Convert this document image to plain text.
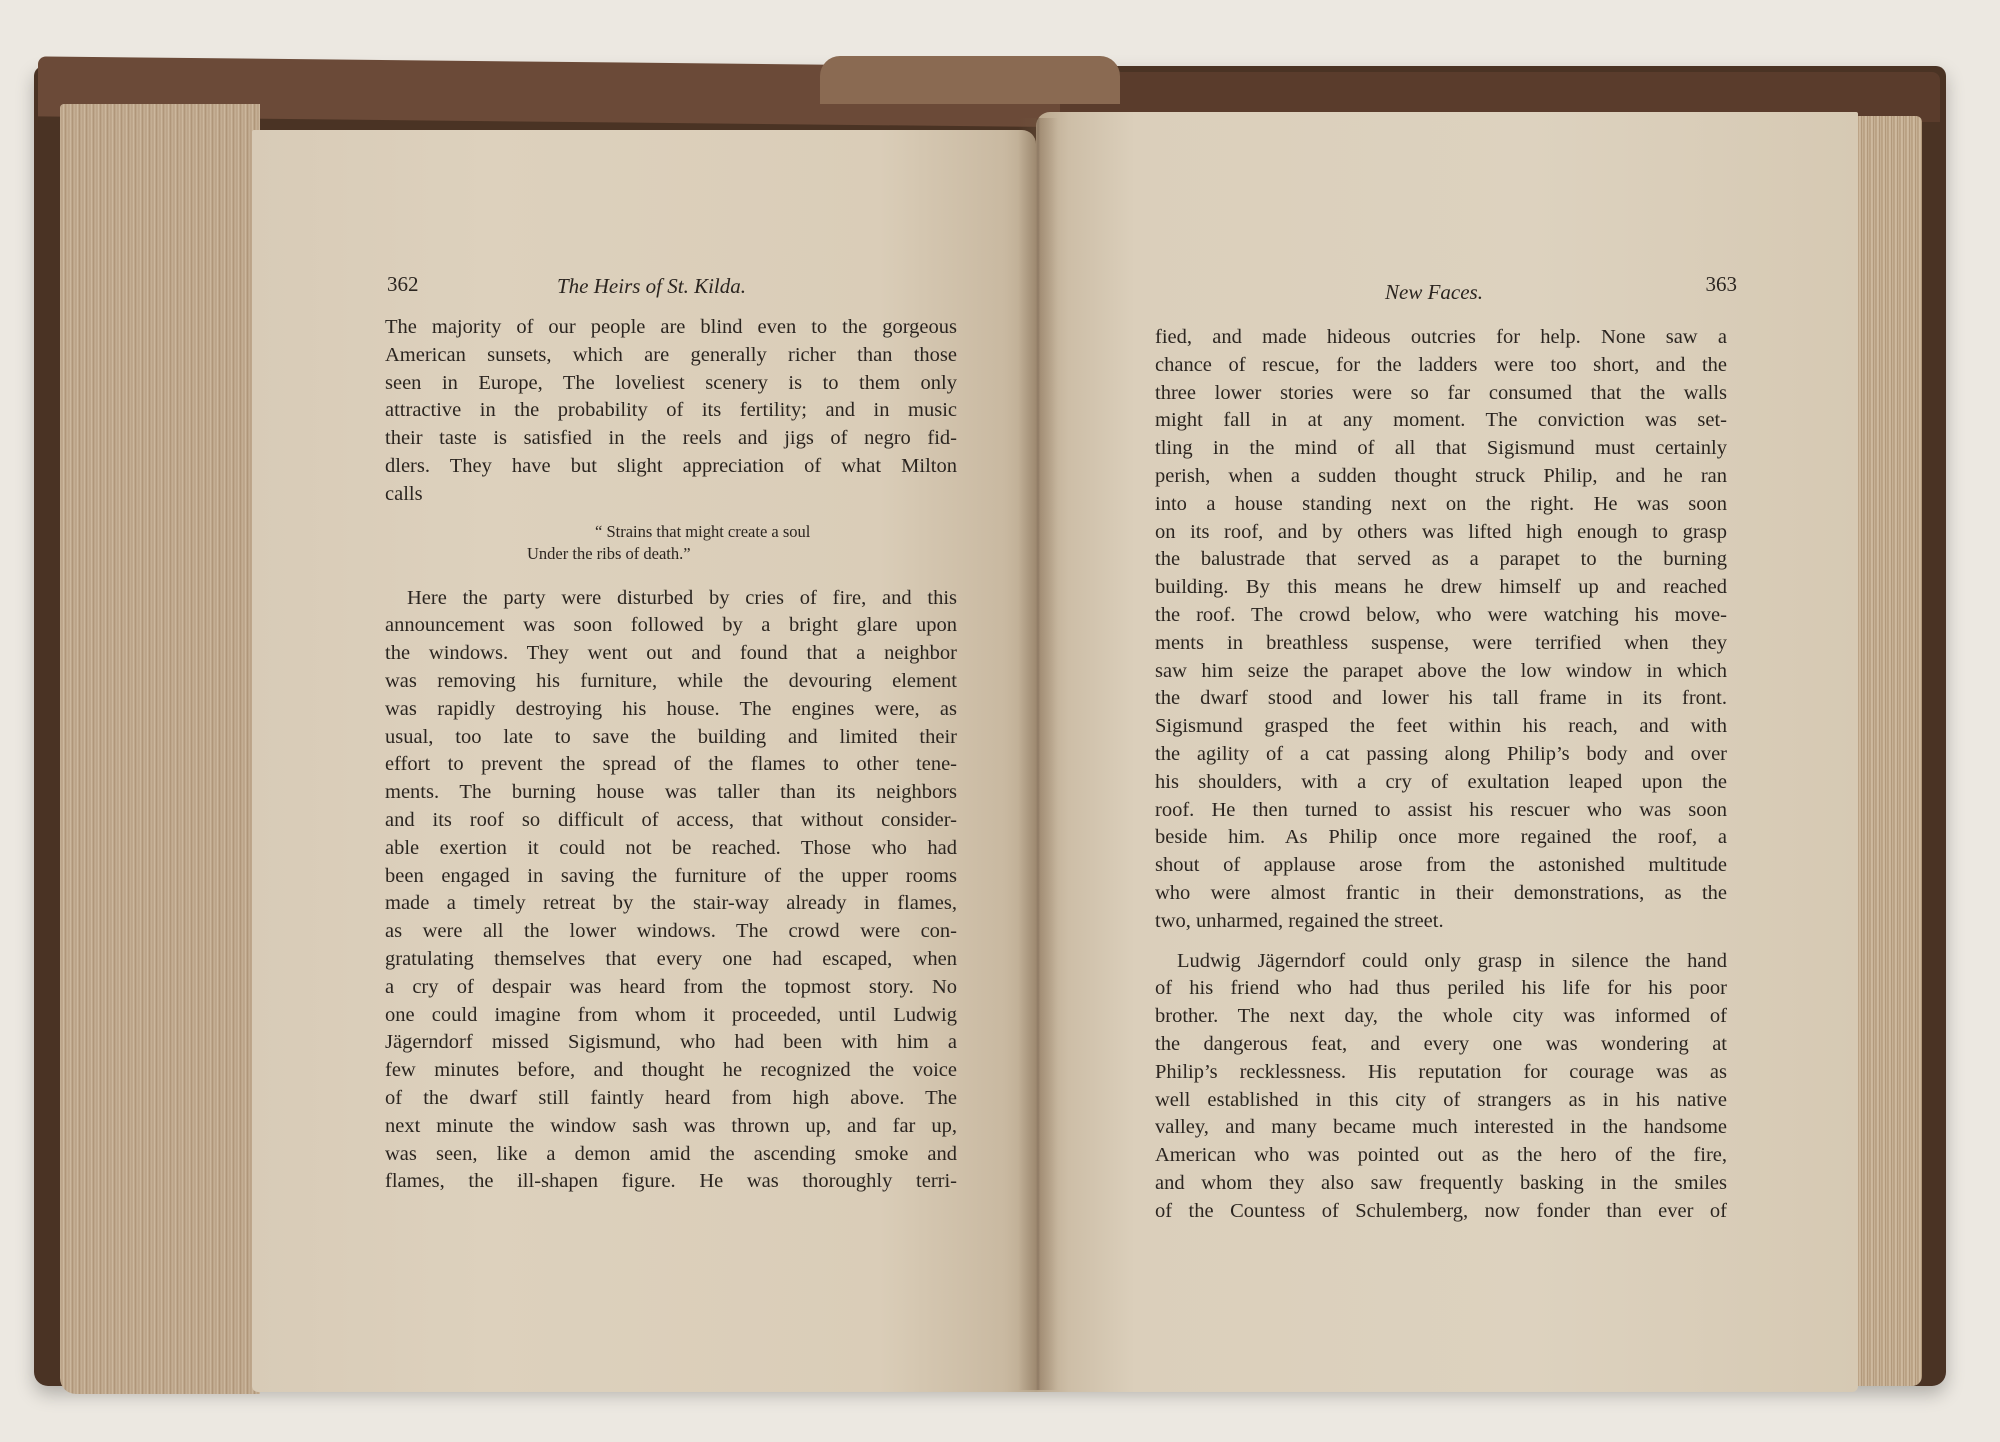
362	The Heirs of St. Kilda.
The majority of our people are blind even to the gorgeous
American sunsets, which are generally richer than those
seen in Europe, The loveliest scenery is to them only
attractive in the probability of its fertility; and in music
their taste is satisfied in the reels and jigs of negro fid-
dlers. They have but slight appreciation of what Milton
calls
“ Strains that might create a soul
Under the ribs of death.”
Here the party were disturbed by cries of fire, and this
announcement was soon followed by a bright glare upon
the windows. They went out and found that a neighbor
was removing his furniture, while the devouring element
was rapidly destroying his house. The engines were, as
usual, too late to save the building and limited their
effort to prevent the spread of the flames to other tene-
ments. The burning house was taller than its neighbors
and its roof so difficult of access, that without consider-
able exertion it could not be reached. Those who had
been engaged in saving the furniture of the upper rooms
made a timely retreat by the stair-way already in flames,
as were all the lower windows. The crowd were con-
gratulating themselves that every one had escaped, when
a cry of despair was heard from the topmost story. No
one could imagine from whom it proceeded, until Ludwig
Jägerndorf missed Sigismund, who had been with him a
few minutes before, and thought he recognized the voice
of the dwarf still faintly heard from high above. The
next minute the window sash was thrown up, and far up,
was seen, like a demon amid the ascending smoke and
flames, the ill-shapen figure. He was thoroughly terri-
New Faces.	363
fied, and made hideous outcries for help. None saw a
chance of rescue, for the ladders were too short, and the
three lower stories were so far consumed that the walls
might fall in at any moment. The conviction was set-
tling in the mind of all that Sigismund must certainly
perish, when a sudden thought struck Philip, and he ran
into a house standing next on the right. He was soon
on its roof, and by others was lifted high enough to grasp
the balustrade that served as a parapet to the burning
building. By this means he drew himself up and reached
the roof. The crowd below, who were watching his move-
ments in breathless suspense, were terrified when they
saw him seize the parapet above the low window in which
the dwarf stood and lower his tall frame in its front.
Sigismund grasped the feet within his reach, and with
the agility of a cat passing along Philip’s body and over
his shoulders, with a cry of exultation leaped upon the
roof. He then turned to assist his rescuer who was soon
beside him. As Philip once more regained the roof, a
shout of applause arose from the astonished multitude
who were almost frantic in their demonstrations, as the
two, unharmed, regained the street.
Ludwig Jägerndorf could only grasp in silence the hand
of his friend who had thus periled his life for his poor
brother. The next day, the whole city was informed of
the dangerous feat, and every one was wondering at
Philip’s recklessness. His reputation for courage was as
well established in this city of strangers as in his native
valley, and many became much interested in the handsome
American who was pointed out as the hero of the fire,
and whom they also saw frequently basking in the smiles
of the Countess of Schulemberg, now fonder than ever of
